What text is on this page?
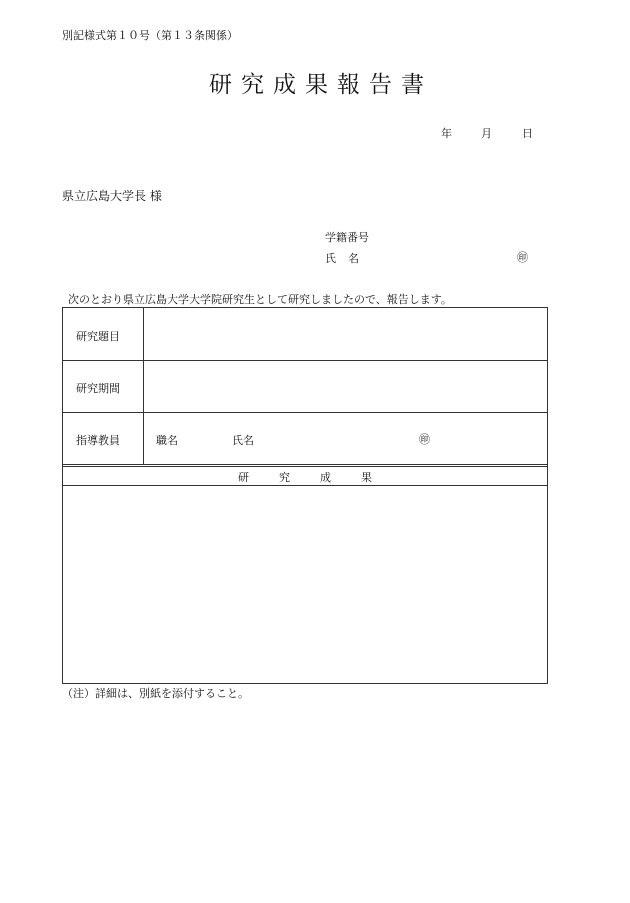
別記様式第１０号（第１３条関係）
研究成果報告書
年	月	日
県立広島大学長 様
学籍番号
氏名	㊞
次のとおり県立広島大学大学院研究生として研究しましたので、報告します。
研究題目
研究期間
指導教員	職名	氏名	㊞
研究成果
（注）詳細は、別紙を添付すること。
